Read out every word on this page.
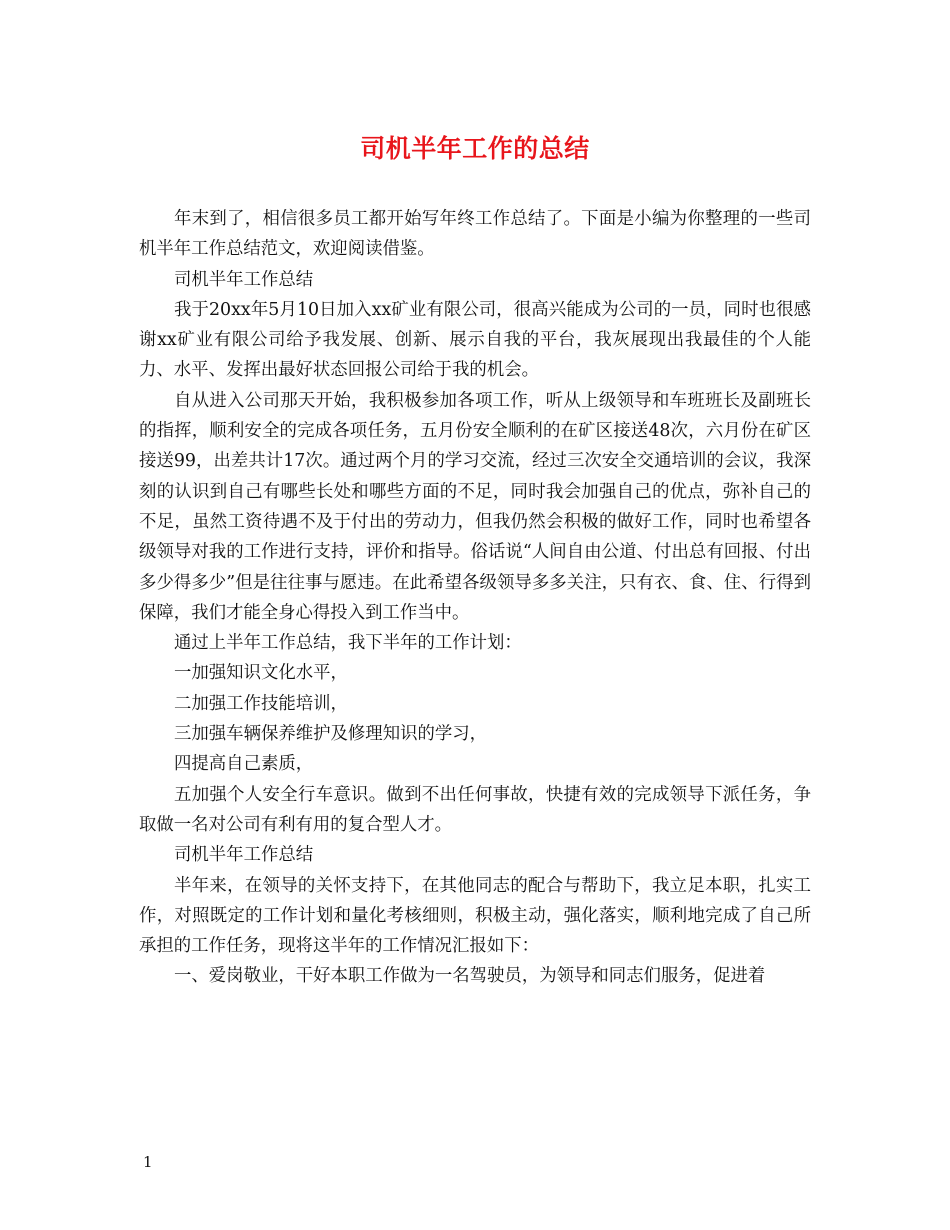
司机半年工作的总结

年末到了，相信很多员工都开始写年终工作总结了。下面是小编为你整理的一些司机半年工作总结范文，欢迎阅读借鉴。

司机半年工作总结

我于20xx年5月10日加入xx矿业有限公司，很高兴能成为公司的一员，同时也很感谢xx矿业有限公司给予我发展、创新、展示自我的平台，我灰展现出我最佳的个人能力、水平、发挥出最好状态回报公司给于我的机会。

自从进入公司那天开始，我积极参加各项工作，听从上级领导和车班班长及副班长的指挥，顺利安全的完成各项任务，五月份安全顺利的在矿区接送48次，六月份在矿区接送99，出差共计17次。通过两个月的学习交流，经过三次安全交通培训的会议，我深刻的认识到自己有哪些长处和哪些方面的不足，同时我会加强自己的优点，弥补自己的不足，虽然工资待遇不及于付出的劳动力，但我仍然会积极的做好工作，同时也希望各级领导对我的工作进行支持，评价和指导。俗话说“人间自由公道、付出总有回报、付出多少得多少”但是往往事与愿违。在此希望各级领导多多关注，只有衣、食、住、行得到保障，我们才能全身心得投入到工作当中。

通过上半年工作总结，我下半年的工作计划：

一加强知识文化水平，

二加强工作技能培训，

三加强车辆保养维护及修理知识的学习，

四提高自己素质，

五加强个人安全行车意识。做到不出任何事故，快捷有效的完成领导下派任务，争取做一名对公司有利有用的复合型人才。

司机半年工作总结

半年来，在领导的关怀支持下，在其他同志的配合与帮助下，我立足本职，扎实工作，对照既定的工作计划和量化考核细则，积极主动，强化落实，顺利地完成了自己所承担的工作任务，现将这半年的工作情况汇报如下：

一、爱岗敬业，干好本职工作做为一名驾驶员，为领导和同志们服务，促进着

1
